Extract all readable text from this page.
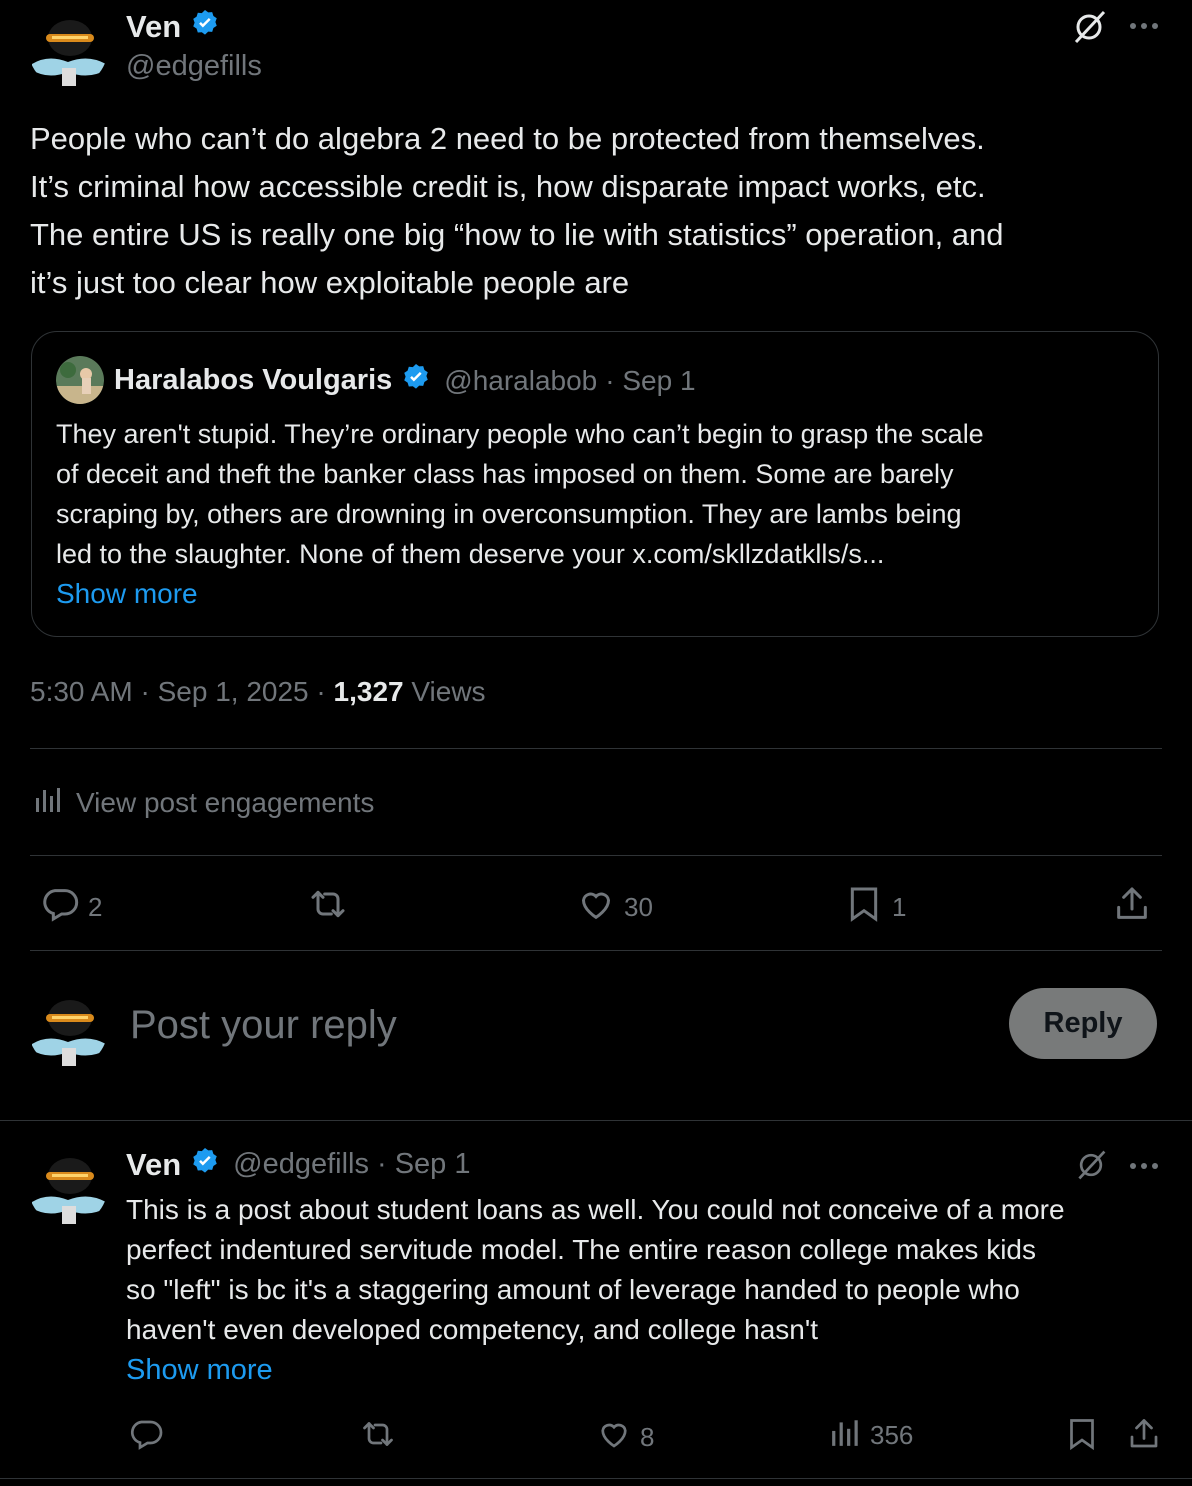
Ven
@edgefills
People who can’t do algebra 2 need to be protected from themselves.
It’s criminal how accessible credit is, how disparate impact works, etc.
The entire US is really one big “how to lie with statistics” operation, and
it’s just too clear how exploitable people are
Haralabos Voulgaris @haralabob · Sep 1
They aren't stupid. They’re ordinary people who can’t begin to grasp the scale
of deceit and theft the banker class has imposed on them. Some are barely
scraping by, others are drowning in overconsumption. They are lambs being
led to the slaughter. None of them deserve your x.com/skllzdatklls/s...
Show more
5:30 AM · Sep 1, 2025 · 1,327 Views
View post engagements
2	30	1
Post your reply	Reply
Ven @edgefills · Sep 1
This is a post about student loans as well. You could not conceive of a more
perfect indentured servitude model. The entire reason college makes kids
so "left" is bc it's a staggering amount of leverage handed to people who
haven't even developed competency, and college hasn't
Show more
8	356
